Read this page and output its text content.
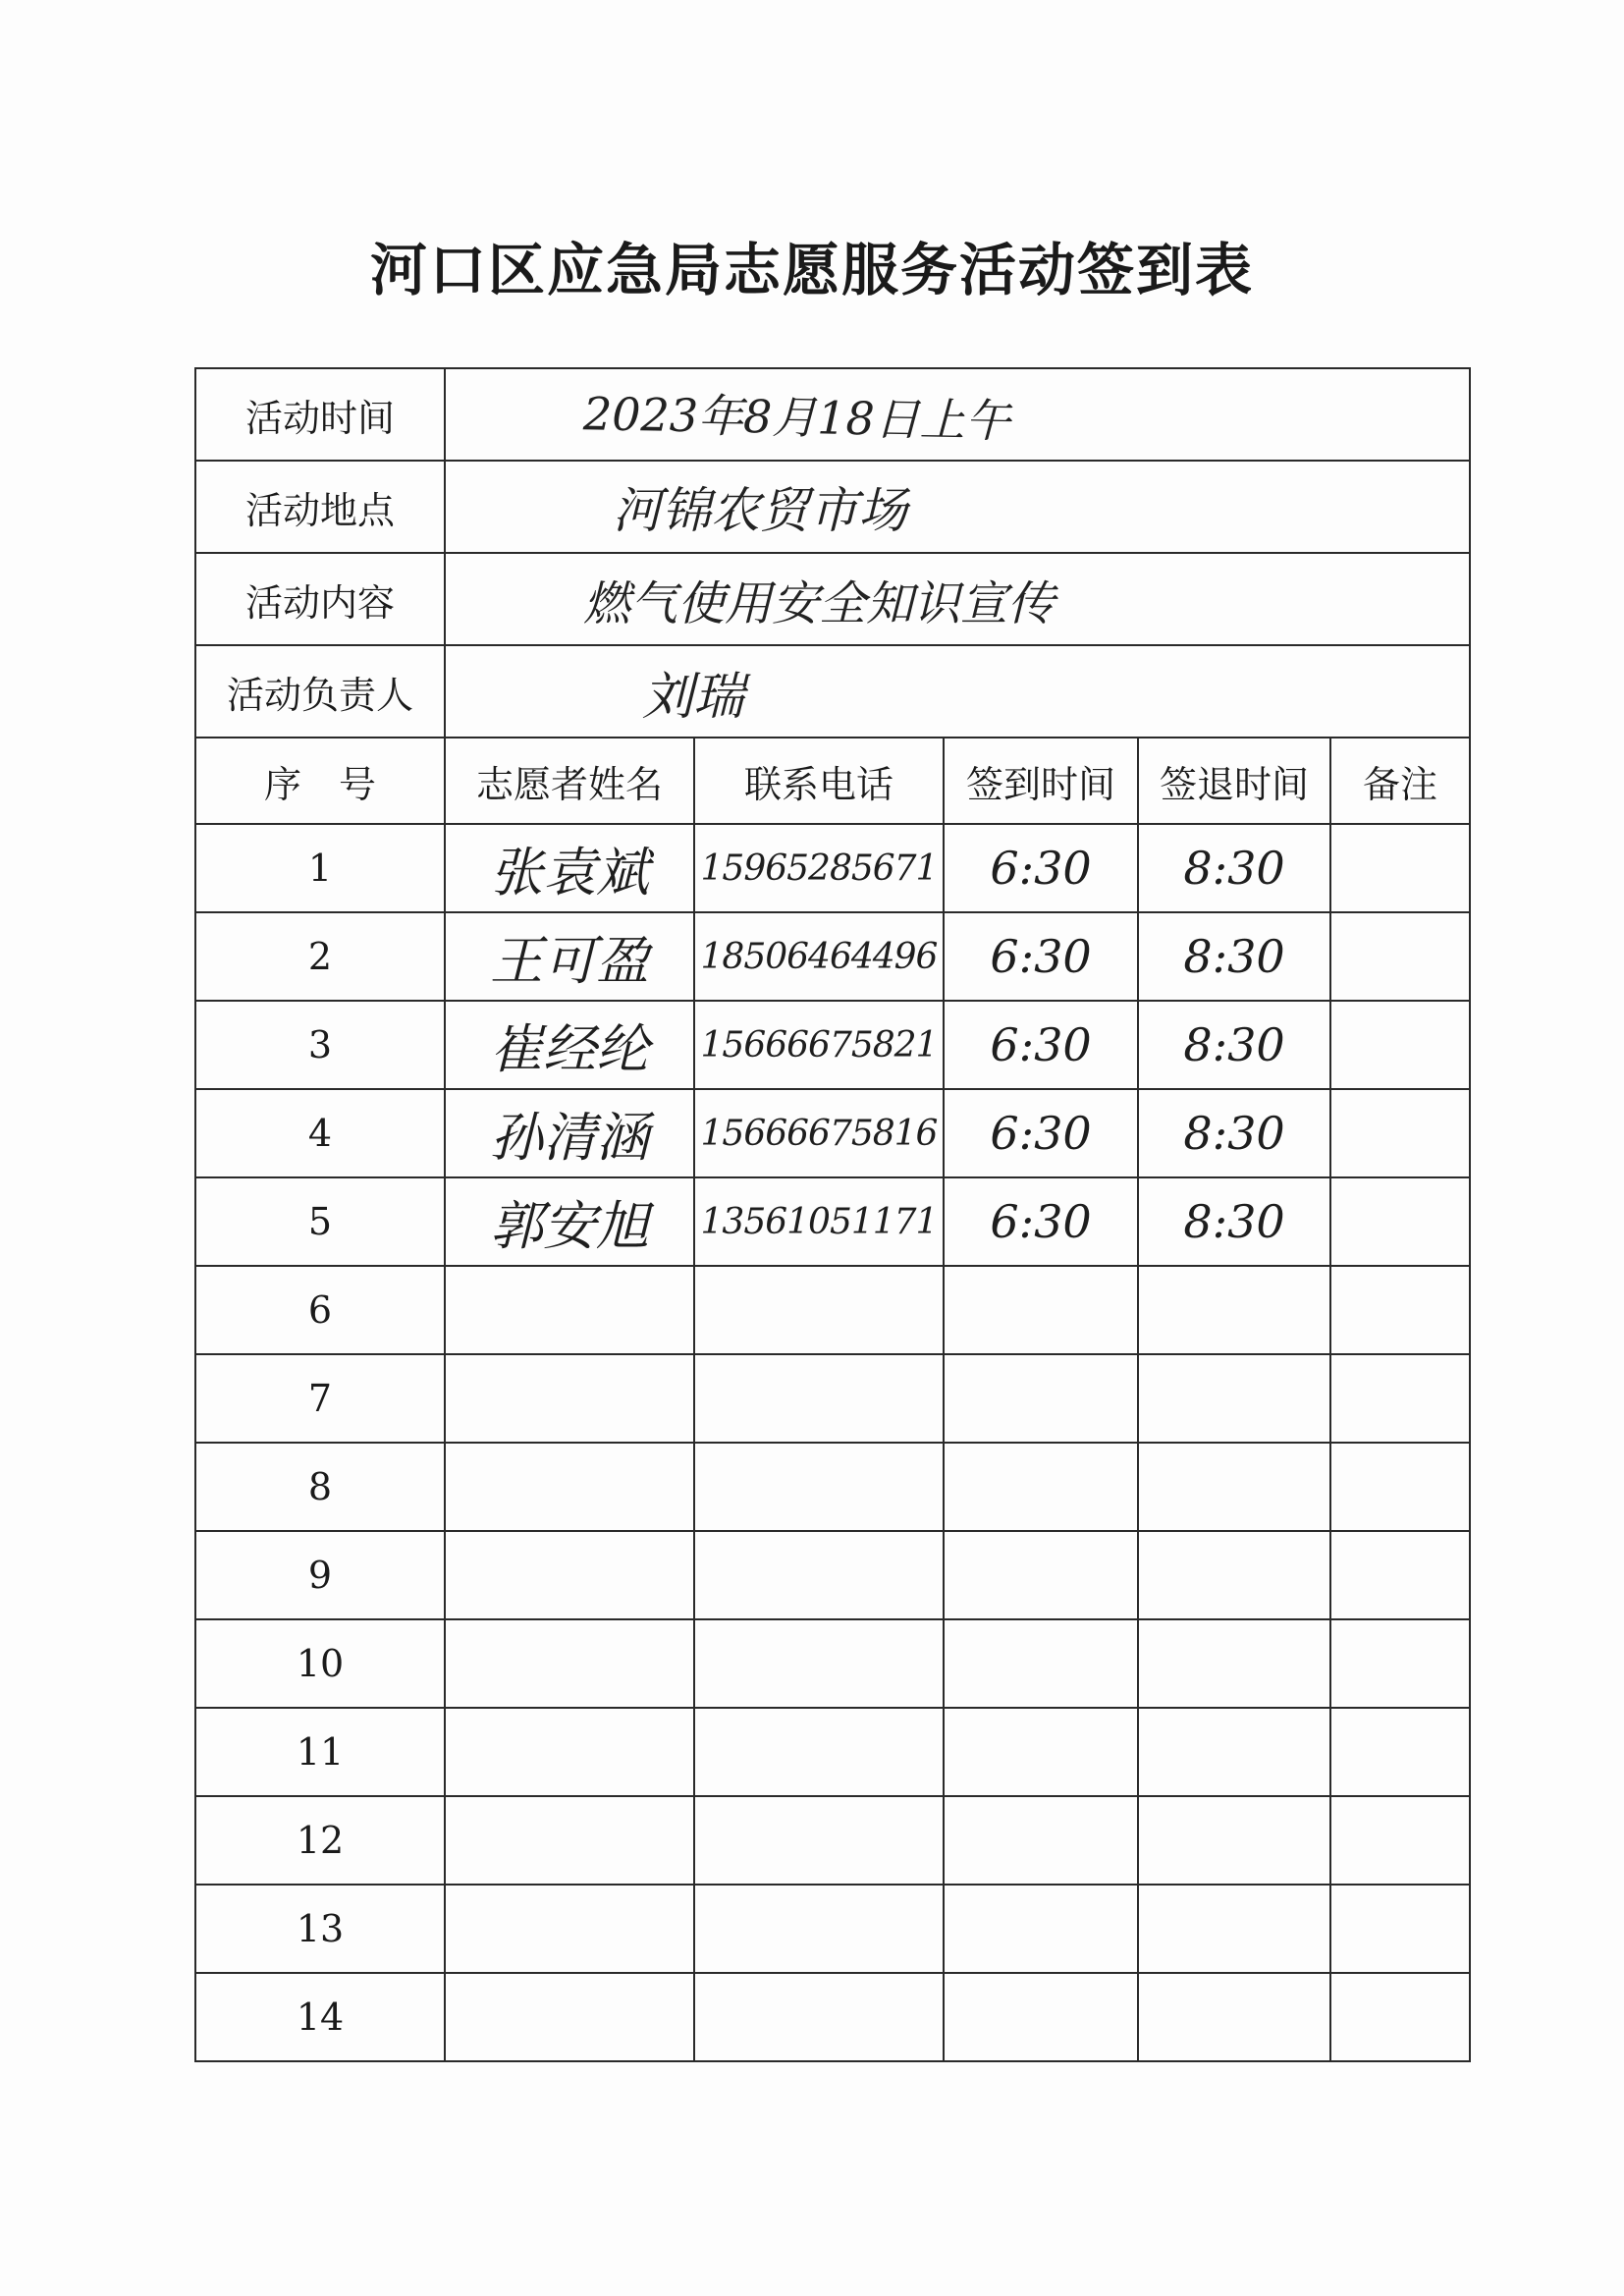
河口区应急局志愿服务活动签到表
活动时间	2023年8月18日上午				
活动地点	河锦农贸市场				
活动内容	燃气使用安全知识宣传				
活动负责人	刘瑞				
序　号	志愿者姓名	联系电话	签到时间	签退时间	备注
1	张袁斌	15965285671	6:30	8:30	
2	王可盈	18506464496	6:30	8:30	
3	崔经纶	15666675821	6:30	8:30	
4	孙清涵	15666675816	6:30	8:30	
5	郭安旭	13561051171	6:30	8:30	
6					
7					
8					
9					
10					
11					
12					
13					
14					
